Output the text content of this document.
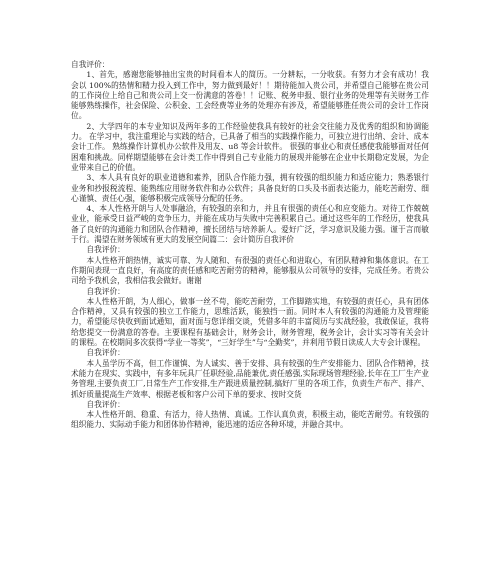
自我评价：

1、首先，感谢您能够抽出宝贵的时间看本人的简历。一分耕耘，一分收获。有努力才会有成功！我会以 100%的热情和精力投入到工作中，努力做到最好！！期待能加入贵公司，并希望自己能够在贵公司的工作岗位上给自己和贵公司上交一份满意的答卷！！记账、税务申报、银行业务的处理等有关财务工作能够熟练操作，社会保险、公积金、工会经费等业务的处理亦有涉及，希望能够胜任贵公司的会计工作岗位。

2、大学四年的本专业知识及两年多的工作经验使我具有较好的社会交往能力及优秀的组织和协调能力。 在学习中，我注重理论与实践的结合，已具备了相当的实践操作能力，可独立进行出纳、会计、成本会计工作。 熟练操作计算机办公软件及用友、u8 等会计软件。 很强的事业心和责任感使我能够面对任何困难和挑战。同样期望能够在会计类工作中得到自己专业能力的展现并能够在企业中长期稳定发展，为企业带来自己的价值。

3、本人具有良好的职业道德和素养，团队合作能力强，拥有较强的组织能力和适应能力；熟悉银行业务和抄报税流程、能熟练应用财务软件和办公软件；具备良好的口头及书面表达能力，能吃苦耐劳、细心谨慎、责任心强，能够积极完成领导分配的任务。

4、本人性格开朗与人处事融洽，有较强的亲和力，并且有很强的责任心和应变能力。对待工作兢兢业业，能承受日益严峻的竞争压力，并能在成功与失败中完善积累自己。通过这些年的工作经历，使我具备了良好的沟通能力和团队合作精神，擅长团结与培养新人。爱好广泛，学习意识及能力强。谨于言而敏于行。渴望在财务领域有更大的发展空间篇二：会计简历自我评价

自我评价：

本人性格开朗热情，诚实可靠、为人随和、有很强的责任心和进取心，有团队精神和集体意识。在工作期间表现一直良好，有高度的责任感和吃苦耐劳的精神，能够服从公司领导的安排，完成任务。若贵公司给予我机会，我相信我会做好。谢谢

自我评价：

本人性格开朗，为人细心，做事一丝不苟，能吃苦耐劳，工作脚踏实地，有较强的责任心，具有团体合作精神，又具有较强的独立工作能力，思维活跃，能独挡一面。同时本人有较强的沟通能力及管理能力，希望能尽快收到面试通知，面对面与您详细交谈，凭借多年的丰富阅历与实战经验，我敢保证，我将给您提交一份满意的答卷。主要课程有基础会计，财务会计，财务管理，税务会计，会计实习等有关会计的课程。在校期间多次获得“学业一等奖”，“三好学生”与“全勤奖”，并利用节假日读成人大专会计课程。

自我评价：

本人虽学历不高，但工作谨慎、为人诚实、善于安排、具有较强的生产安排能力、团队合作精神，技术能力在现实、实践中，有多年玩具厂任职经验,品能兼优,责任感强,实际现场管理经验,长年在工厂生产业务管理,主要负责工厂,日常生产工作安排,生产跟进质量控制,搞好厂里的各项工作，负责生产布产、排产、抓好质量提高生产效率、根据老板和客户公司下单的要求、按时交货

自我评价：

本人性格开朗、稳重、有活力，待人热情、真诚。工作认真负责，积极主动，能吃苦耐劳。有较强的组织能力、实际动手能力和团体协作精神，能迅速的适应各种环境，并融合其中。
